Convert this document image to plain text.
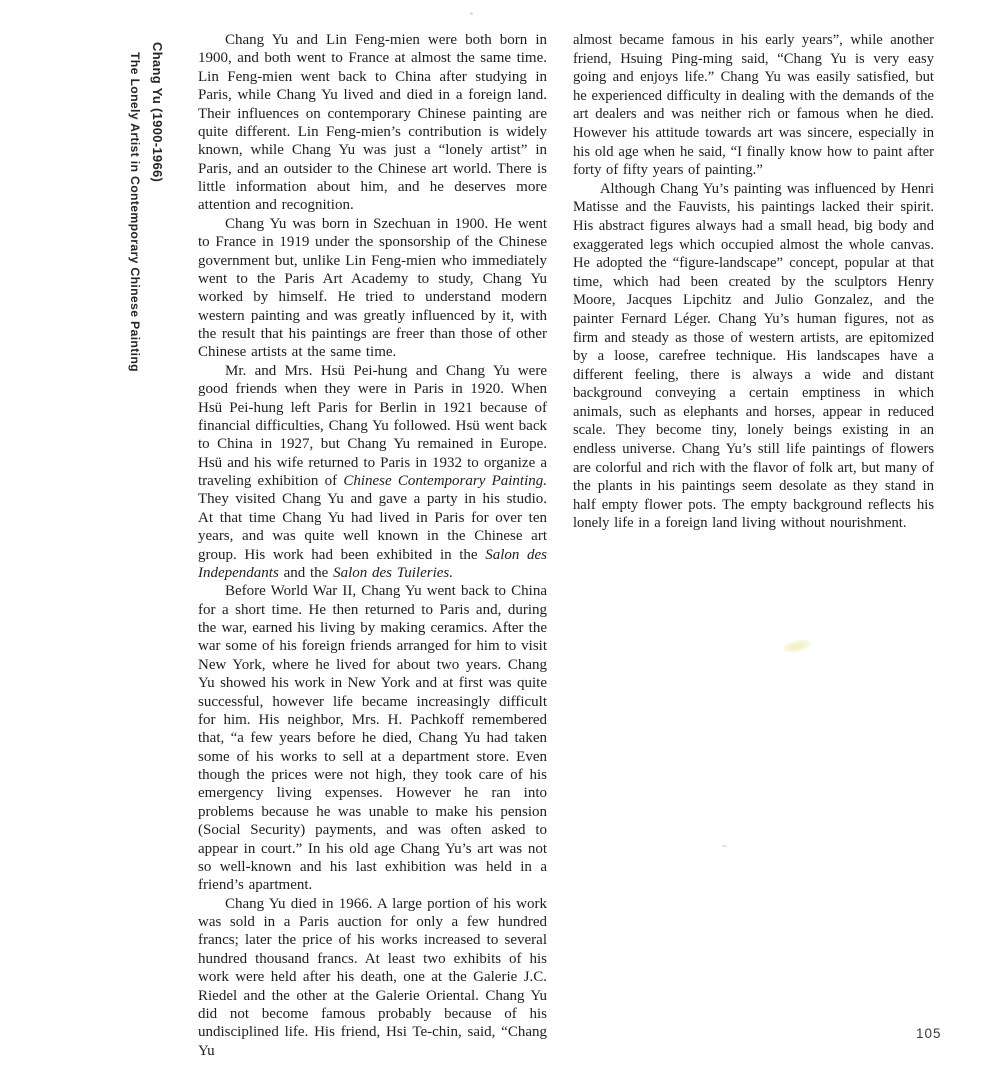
Chang Yu (1900-1966)
The Lonely Artist in Contemporary Chinese Painting

Chang Yu and Lin Feng-mien were both born in 1900, and both went to France at almost the same time. Lin Feng-mien went back to China after studying in Paris, while Chang Yu lived and died in a foreign land. Their influences on contemporary Chinese painting are quite different. Lin Feng-mien’s contribution is widely known, while Chang Yu was just a “lonely artist” in Paris, and an outsider to the Chinese art world. There is little information about him, and he deserves more attention and recognition.

Chang Yu was born in Szechuan in 1900. He went to France in 1919 under the sponsorship of the Chinese government but, unlike Lin Feng-mien who immediately went to the Paris Art Academy to study, Chang Yu worked by himself. He tried to understand modern western painting and was greatly influenced by it, with the result that his paintings are freer than those of other Chinese artists at the same time.

Mr. and Mrs. Hsü Pei-hung and Chang Yu were good friends when they were in Paris in 1920. When Hsü Pei-hung left Paris for Berlin in 1921 because of financial difficulties, Chang Yu followed. Hsü went back to China in 1927, but Chang Yu remained in Europe. Hsü and his wife returned to Paris in 1932 to organize a traveling exhibition of Chinese Contemporary Painting. They visited Chang Yu and gave a party in his studio. At that time Chang Yu had lived in Paris for over ten years, and was quite well known in the Chinese art group. His work had been exhibited in the Salon des Independants and the Salon des Tuileries.

Before World War II, Chang Yu went back to China for a short time. He then returned to Paris and, during the war, earned his living by making ceramics. After the war some of his foreign friends arranged for him to visit New York, where he lived for about two years. Chang Yu showed his work in New York and at first was quite successful, however life became increasingly difficult for him. His neighbor, Mrs. H. Pachkoff remembered that, “a few years before he died, Chang Yu had taken some of his works to sell at a department store. Even though the prices were not high, they took care of his emergency living expenses. However he ran into problems because he was unable to make his pension (Social Security) payments, and was often asked to appear in court.” In his old age Chang Yu’s art was not so well-known and his last exhibition was held in a friend’s apartment.

Chang Yu died in 1966. A large portion of his work was sold in a Paris auction for only a few hundred francs; later the price of his works increased to several hundred thousand francs. At least two exhibits of his work were held after his death, one at the Galerie J.C. Riedel and the other at the Galerie Oriental. Chang Yu did not become famous probably because of his undisciplined life. His friend, Hsi Te-chin, said, “Chang Yu

almost became famous in his early years”, while another friend, Hsuing Ping-ming said, “Chang Yu is very easy going and enjoys life.” Chang Yu was easily satisfied, but he experienced difficulty in dealing with the demands of the art dealers and was neither rich or famous when he died. However his attitude towards art was sincere, especially in his old age when he said, “I finally know how to paint after forty of fifty years of painting.”

Although Chang Yu’s painting was influenced by Henri Matisse and the Fauvists, his paintings lacked their spirit. His abstract figures always had a small head, big body and exaggerated legs which occupied almost the whole canvas. He adopted the “figure-landscape” concept, popular at that time, which had been created by the sculptors Henry Moore, Jacques Lipchitz and Julio Gonzalez, and the painter Fernard Léger. Chang Yu’s human figures, not as firm and steady as those of western artists, are epitomized by a loose, carefree technique. His landscapes have a different feeling, there is always a wide and distant background conveying a certain emptiness in which animals, such as elephants and horses, appear in reduced scale. They become tiny, lonely beings existing in an endless universe. Chang Yu’s still life paintings of flowers are colorful and rich with the flavor of folk art, but many of the plants in his paintings seem desolate as they stand in half empty flower pots. The empty background reflects his lonely life in a foreign land living without nourishment.

105
